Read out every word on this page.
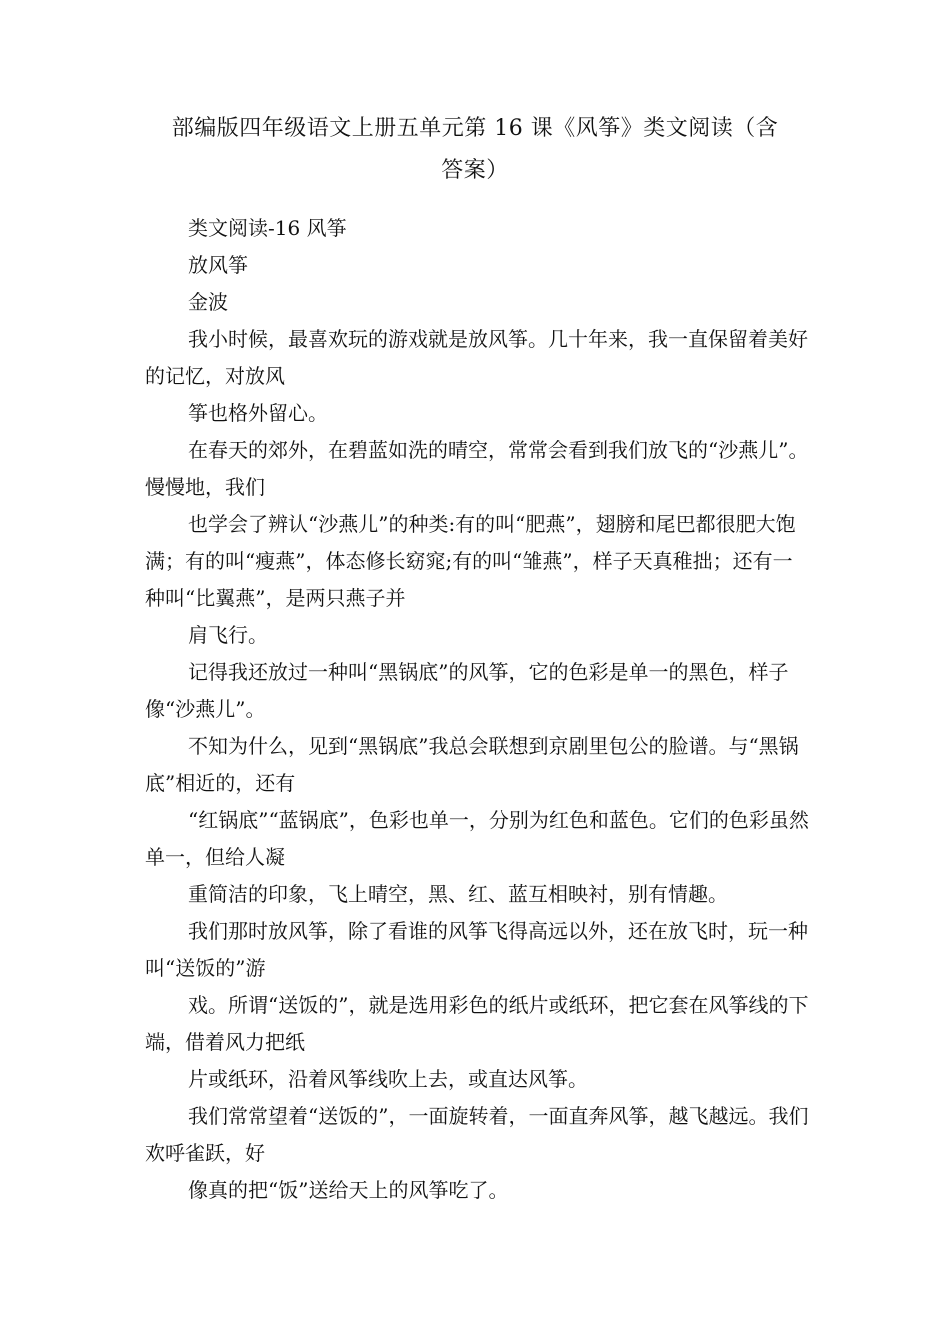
部编版四年级语文上册五单元第 16 课《风筝》类文阅读（含
答案）

类文阅读-16 风筝

放风筝

金波

我小时候，最喜欢玩的游戏就是放风筝。几十年来，我一直保留着美好的记忆，对放风

筝也格外留心。

在春天的郊外，在碧蓝如洗的晴空，常常会看到我们放飞的“沙燕儿”。慢慢地，我们

也学会了辨认“沙燕儿”的种类:有的叫“肥燕”，翅膀和尾巴都很肥大饱满；有的叫“瘦燕”，体态修长窈窕;有的叫“雏燕”，样子天真稚拙；还有一种叫“比翼燕”，是两只燕子并

肩飞行。

记得我还放过一种叫“黑锅底”的风筝，它的色彩是单一的黑色，样子像“沙燕儿”。

不知为什么，见到“黑锅底”我总会联想到京剧里包公的脸谱。与“黑锅底”相近的，还有

“红锅底”“蓝锅底”，色彩也单一，分别为红色和蓝色。它们的色彩虽然单一，但给人凝

重简洁的印象，飞上晴空，黑、红、蓝互相映衬，别有情趣。

我们那时放风筝，除了看谁的风筝飞得高远以外，还在放飞时，玩一种叫“送饭的”游

戏。所谓“送饭的”，就是选用彩色的纸片或纸环，把它套在风筝线的下端，借着风力把纸

片或纸环，沿着风筝线吹上去，或直达风筝。

我们常常望着“送饭的”，一面旋转着，一面直奔风筝，越飞越远。我们欢呼雀跃，好

像真的把“饭”送给天上的风筝吃了。
